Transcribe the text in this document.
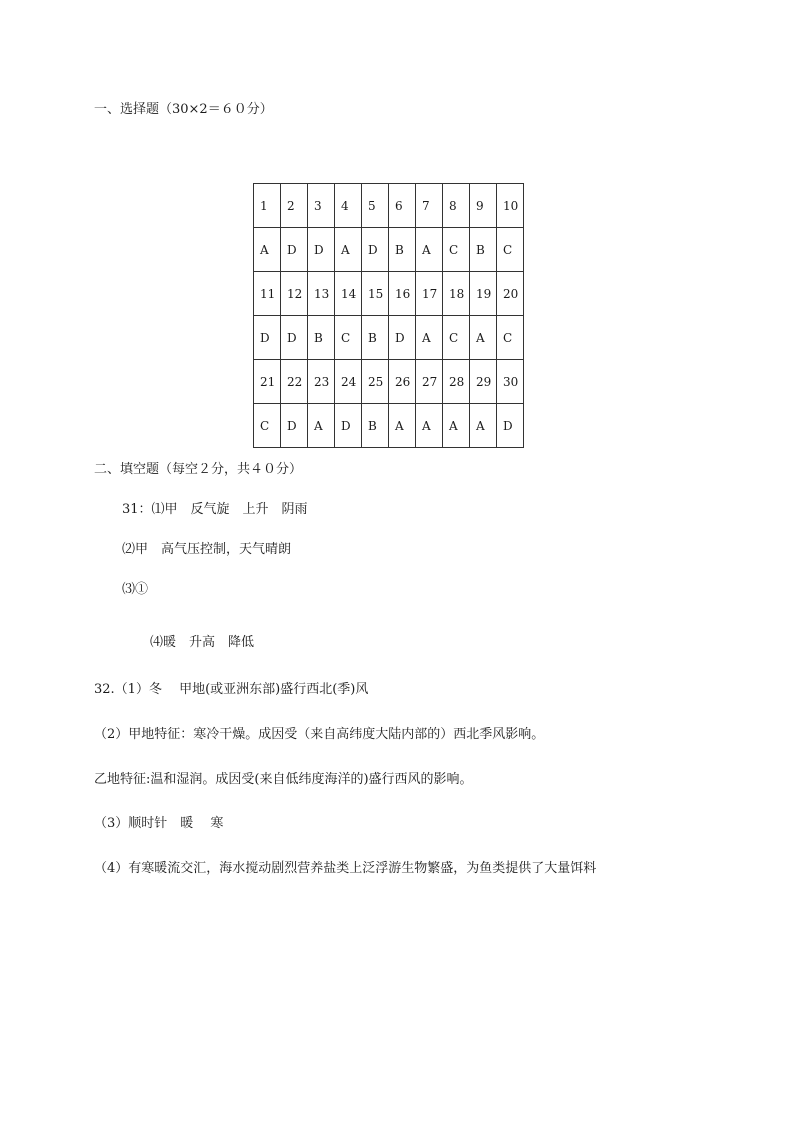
一、选择题（30×2＝６０分）
1	2	3	4	5	6	7	8	9	10
A	D	D	A	D	B	A	C	B	C
11	12	13	14	15	16	17	18	19	20
D	D	B	C	B	D	A	C	A	C
21	22	23	24	25	26	27	28	29	30
C	D	A	D	B	A	A	A	A	D
二、填空题（每空２分，共４０分）
31：⑴甲　反气旋　上升　阴雨
⑵甲　高气压控制，天气晴朗
⑶①
⑷暖　升高　降低
32.（1）冬　 甲地(或亚洲东部)盛行西北(季)风
（2）甲地特征：寒冷干燥。成因受（来自高纬度大陆内部的）西北季风影响。
乙地特征:温和湿润。成因受(来自低纬度海洋的)盛行西风的影响。
（3）顺时针　暖　 寒
（4）有寒暖流交汇，海水搅动剧烈营养盐类上泛浮游生物繁盛，为鱼类提供了大量饵料
